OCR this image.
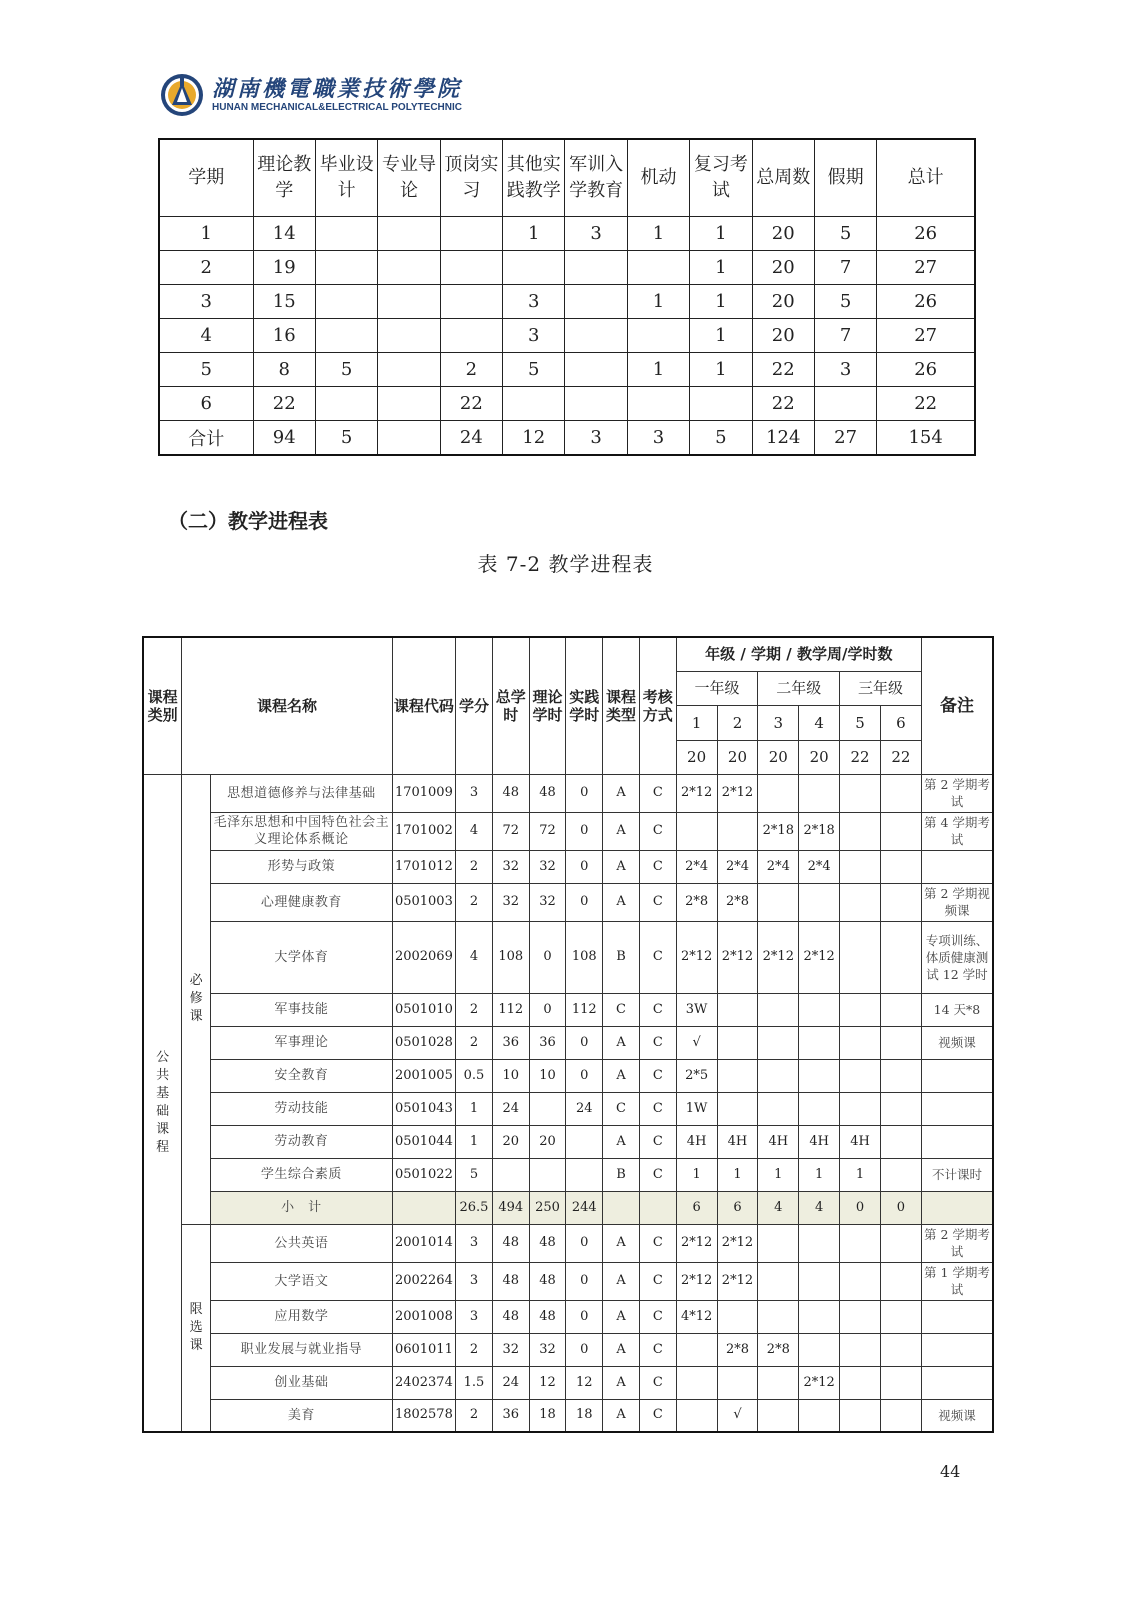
湖南機電職業技術學院
HUNAN MECHANICAL&ELECTRICAL POLYTECHNIC
学期	理论教学	毕业设计	专业导论	顶岗实习	其他实践教学	军训入学教育	机动	复习考试	总周数	假期	总计
1	14				1	3	1	1	20	5	26
2	19							1	20	7	27
3	15				3		1	1	20	5	26
4	16				3			1	20	7	27
5	8	5		2	5		1	1	22	3	26
6	22			22					22		22
合计	94	5		24	12	3	3	5	124	27	154
（二）教学进程表
表 7-2 教学进程表
课程类别	课程名称		课程代码	学分	总学时	理论学时	实践学时	课程类型	考核方式	年级 / 学期 / 教学周/学时数						备注
										一年级		二年级		三年级		
										1	2	3	4	5	6	
										20	20	20	20	22	22	

公共基础课程	必修课	思想道德修养与法律基础	1701009	3	48	48	0	A	C	2*12	2*12					第 2 学期考试
		毛泽东思想和中国特色社会主义理论体系概论	1701002	4	72	72	0	A	C			2*18	2*18			第 4 学期考试
		形势与政策	1701012	2	32	32	0	A	C	2*4	2*4	2*4	2*4			
		心理健康教育	0501003	2	32	32	0	A	C	2*8	2*8					第 2 学期视频课
		大学体育	2002069	4	108	0	108	B	C	2*12	2*12	2*12	2*12			专项训练、体质健康测试 12 学时
		军事技能	0501010	2	112	0	112	C	C	3W						14 天*8
		军事理论	0501028	2	36	36	0	A	C	√						视频课
		安全教育	2001005	0.5	10	10	0	A	C	2*5						
		劳动技能	0501043	1	24		24	C	C	1W						
		劳动教育	0501044	1	20	20		A	C	4H	4H	4H	4H	4H		
		学生综合素质	0501022	5				B	C	1	1	1	1	1		不计课时
		小　计		26.5	494	250	244			6	6	4	4	0	0	

	限选课	公共英语	2001014	3	48	48	0	A	C	2*12	2*12					第 2 学期考试
		大学语文	2002264	3	48	48	0	A	C	2*12	2*12					第 1 学期考试
		应用数学	2001008	3	48	48	0	A	C	4*12						
		职业发展与就业指导	0601011	2	32	32	0	A	C		2*8	2*8				
		创业基础	2402374	1.5	24	12	12	A	C				2*12			
		美育	1802578	2	36	18	18	A	C		√					视频课
44
